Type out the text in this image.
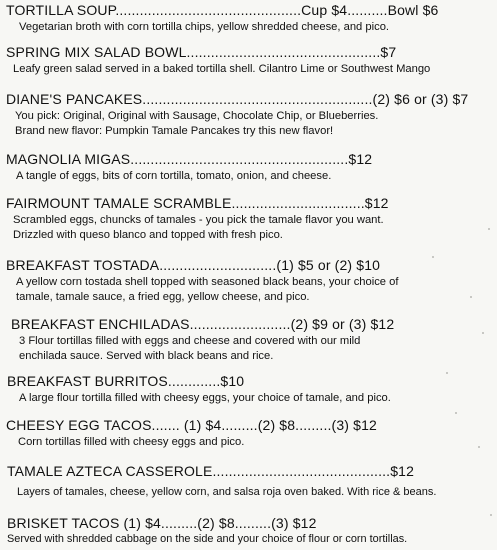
TORTILLA SOUP..............................................Cup $4..........Bowl $6
Vegetarian broth with corn tortilla chips, yellow shredded cheese, and pico.
SPRING MIX SALAD BOWL................................................$7
Leafy green salad served in a baked tortilla shell. Cilantro Lime or Southwest Mango
DIANE'S PANCAKES.........................................................(2) $6 or (3) $7
You pick: Original, Original with Sausage, Chocolate Chip, or Blueberries.
Brand new flavor: Pumpkin Tamale Pancakes try this new flavor!
MAGNOLIA MIGAS......................................................$12
A tangle of eggs, bits of corn tortilla, tomato, onion, and cheese.
FAIRMOUNT TAMALE SCRAMBLE.................................$12
Scrambled eggs, chuncks of tamales - you pick the tamale flavor you want.
Drizzled with queso blanco and topped with fresh pico.
BREAKFAST TOSTADA.............................(1) $5 or (2) $10
A yellow corn tostada shell topped with seasoned black beans, your choice of
tamale, tamale sauce, a fried egg, yellow cheese, and pico.
BREAKFAST ENCHILADAS.........................(2) $9 or (3) $12
3 Flour tortillas filled with eggs and cheese and covered with our mild
enchilada sauce. Served with black beans and rice.
BREAKFAST BURRITOS.............$10
A large flour tortilla filled with cheesy eggs, your choice of tamale, and pico.
CHEESY EGG TACOS....... (1) $4.........(2) $8.........(3) $12
Corn tortillas filled with cheesy eggs and pico.
TAMALE AZTECA CASSEROLE............................................$12
Layers of tamales, cheese, yellow corn, and salsa roja oven baked. With rice & beans.
BRISKET TACOS (1) $4.........(2) $8.........(3) $12
Served with shredded cabbage on the side and your choice of flour or corn tortillas.
